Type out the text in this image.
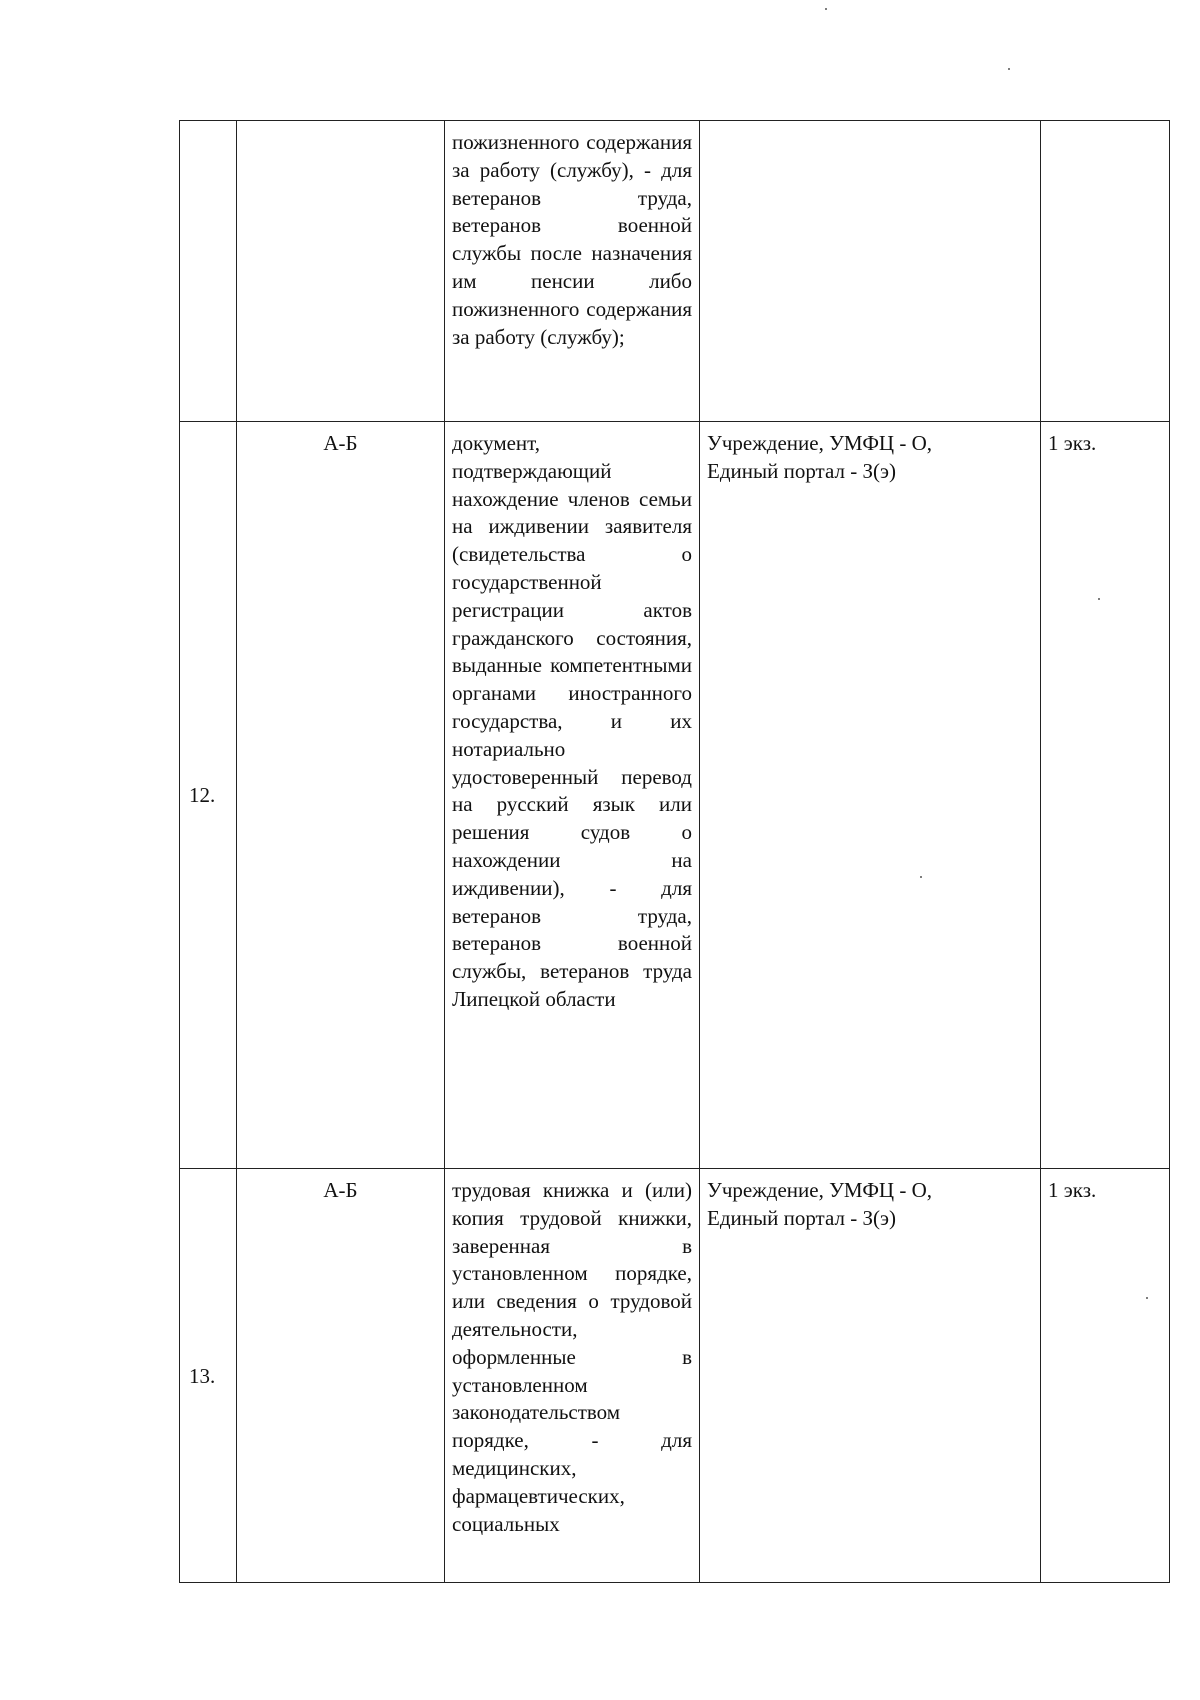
		пожизненного содержания за работу (службу), - для ветеранов труда, ветеранов военной службы после назначения им пенсии либо пожизненного содержания за работу (службу);	

12.	А-Б	документ, подтверждающий нахождение членов семьи на иждивении заявителя (свидетельства о государственной регистрации актов гражданского состояния, выданные компетентными органами иностранного государства, и их нотариально удостоверенный перевод на русский язык или решения судов о нахождении на иждивении), - для ветеранов труда, ветеранов военной службы, ветеранов труда Липецкой области	Учреждение, УМФЦ - О,
Единый портал - З(э)	1 экз.
13.	А-Б	трудовая книжка и (или) копия трудовой книжки, заверенная в установленном порядке, или сведения о трудовой деятельности, оформленные в установленном законодательством порядке, - для медицинских, фармацевтических, социальных	Учреждение, УМФЦ - О,
Единый портал - З(э)	1 экз.
